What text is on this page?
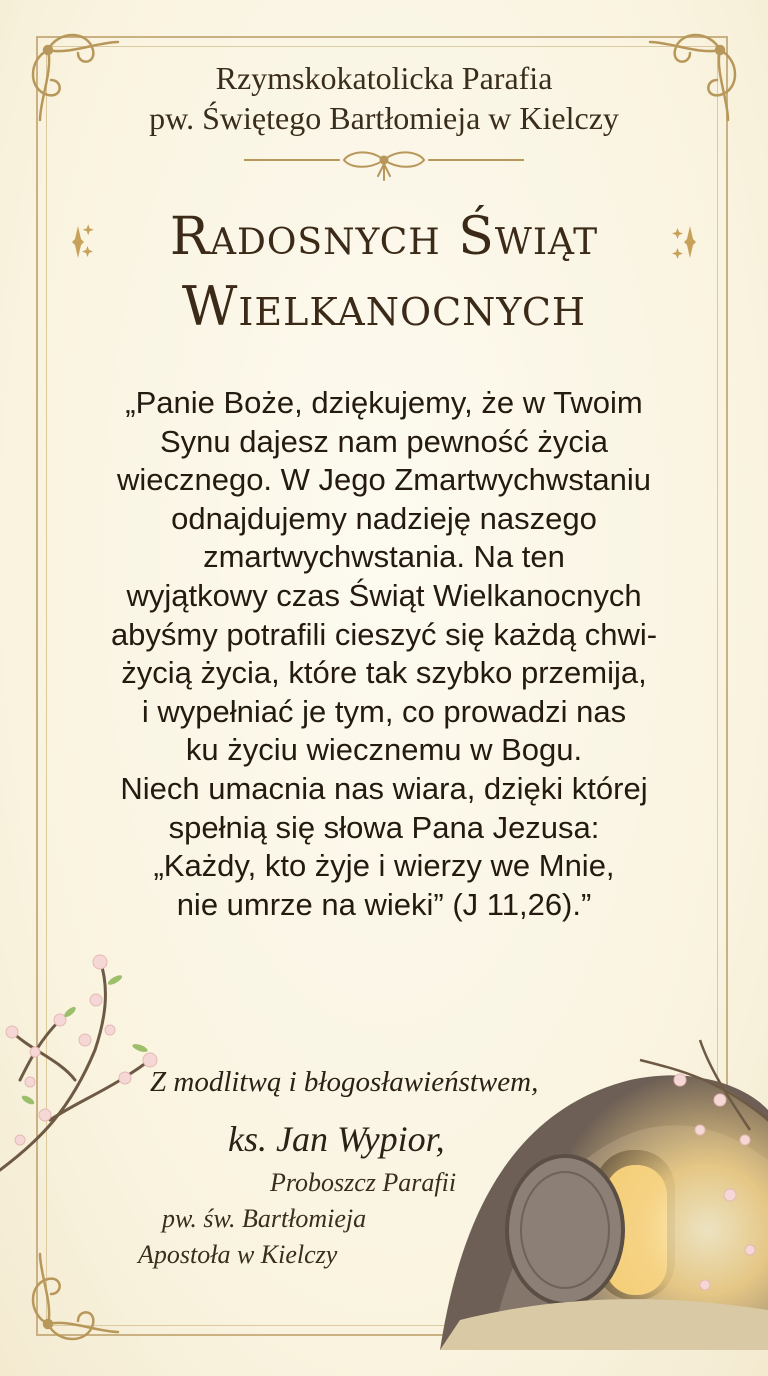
Rzymskokatolicka Parafia
pw. Świętego Bartłomieja w Kielczy
Radosnych Świąt
Wielkanocnych
„Panie Boże, dziękujemy, że w Twoim
Synu dajesz nam pewność życia
wiecznego. W Jego Zmartwychwstaniu
odnajdujemy nadzieję naszego
zmartwychwstania. Na ten
wyjątkowy czas Świąt Wielkanocnych
abyśmy potrafili cieszyć się każdą chwi-
życią życia, które tak szybko przemija,
i wypełniać je tym, co prowadzi nas
ku życiu wiecznemu w Bogu.
Niech umacnia nas wiara, dzięki której
spełnią się słowa Pana Jezusa:
„Każdy, kto żyje i wierzy we Mnie,
nie umrze na wieki” (J 11,26).”
Z modlitwą i błogosławieństwem,
ks. Jan Wypior,
Proboszcz Parafii
pw. św. Bartłomieja
Apostoła w Kielczy
